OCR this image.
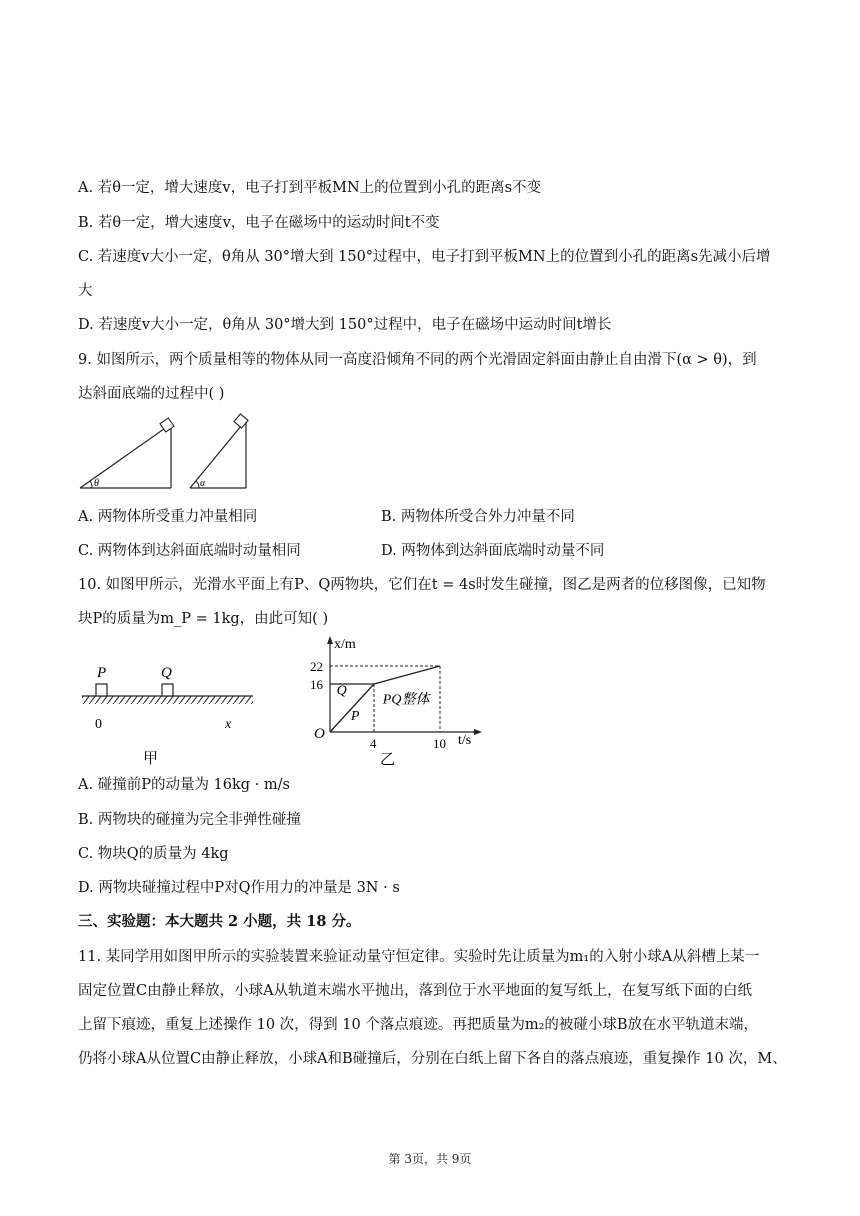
A. 若θ一定，增大速度v，电子打到平板MN上的位置到小孔的距离s不变
B. 若θ一定，增大速度v，电子在磁场中的运动时间t不变
C. 若速度v大小一定，θ角从 30°增大到 150°过程中，电子打到平板MN上的位置到小孔的距离s先减小后增
大
D. 若速度v大小一定，θ角从 30°增大到 150°过程中，电子在磁场中运动时间t增长
9. 如图所示，两个质量相等的物体从同一高度沿倾角不同的两个光滑固定斜面由静止自由滑下(α > θ)，到
达斜面底端的过程中( )
θ	α
A. 两物体所受重力冲量相同	B. 两物体所受合外力冲量不同
C. 两物体到达斜面底端时动量相同	D. 两物体到达斜面底端时动量不同
10. 如图甲所示，光滑水平面上有P、Q两物块，它们在t = 4s时发生碰撞，图乙是两者的位移图像，已知物
块P的质量为m_P = 1kg，由此可知( )
P	Q
0	x
甲
x/m
t/s
O
16
22
4	10
Q
P
PQ整体
乙
A. 碰撞前P的动量为 16kg · m/s
B. 两物块的碰撞为完全非弹性碰撞
C. 物块Q的质量为 4kg
D. 两物块碰撞过程中P对Q作用力的冲量是 3N · s
三、实验题：本大题共 2 小题，共 18 分。
11. 某同学用如图甲所示的实验装置来验证动量守恒定律。实验时先让质量为m₁的入射小球A从斜槽上某一
固定位置C由静止释放，小球A从轨道末端水平抛出，落到位于水平地面的复写纸上，在复写纸下面的白纸
上留下痕迹，重复上述操作 10 次，得到 10 个落点痕迹。再把质量为m₂的被碰小球B放在水平轨道末端，
仍将小球A从位置C由静止释放，小球A和B碰撞后，分别在白纸上留下各自的落点痕迹，重复操作 10 次，M、
第 3页，共 9页
